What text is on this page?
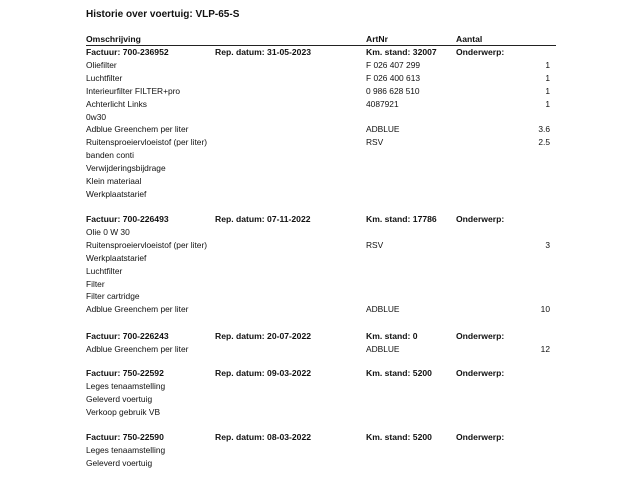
Historie over voertuig: VLP-65-S
Omschrijving	ArtNr	Aantal
Factuur: 700-236952	Rep. datum: 31-05-2023	Km. stand: 32007 Onderwerp:
Oliefilter	F 026 407 299	1
Luchtfilter	F 026 400 613	1
Interieurfilter FILTER+pro	0 986 628 510	1
Achterlicht Links	4087921	1
0w30
Adblue Greenchem per liter	ADBLUE	3.6
Ruitensproeiervloeistof (per liter)	RSV	2.5
banden conti
Verwijderingsbijdrage
Klein materiaal
Werkplaatstarief
Factuur: 700-226493	Rep. datum: 07-11-2022	Km. stand: 17786 Onderwerp:
Olie 0 W 30
Ruitensproeiervloeistof (per liter)	RSV	3
Werkplaatstarief
Luchtfilter
Filter
Filter cartridge
Adblue Greenchem per liter	ADBLUE	10
Factuur: 700-226243	Rep. datum: 20-07-2022	Km. stand: 0	Onderwerp:
Adblue Greenchem per liter	ADBLUE	12
Factuur: 750-22592	Rep. datum: 09-03-2022	Km. stand: 5200	Onderwerp:
Leges tenaamstelling
Geleverd voertuig
Verkoop gebruik VB
Factuur: 750-22590	Rep. datum: 08-03-2022	Km. stand: 5200	Onderwerp:
Leges tenaamstelling
Geleverd voertuig
